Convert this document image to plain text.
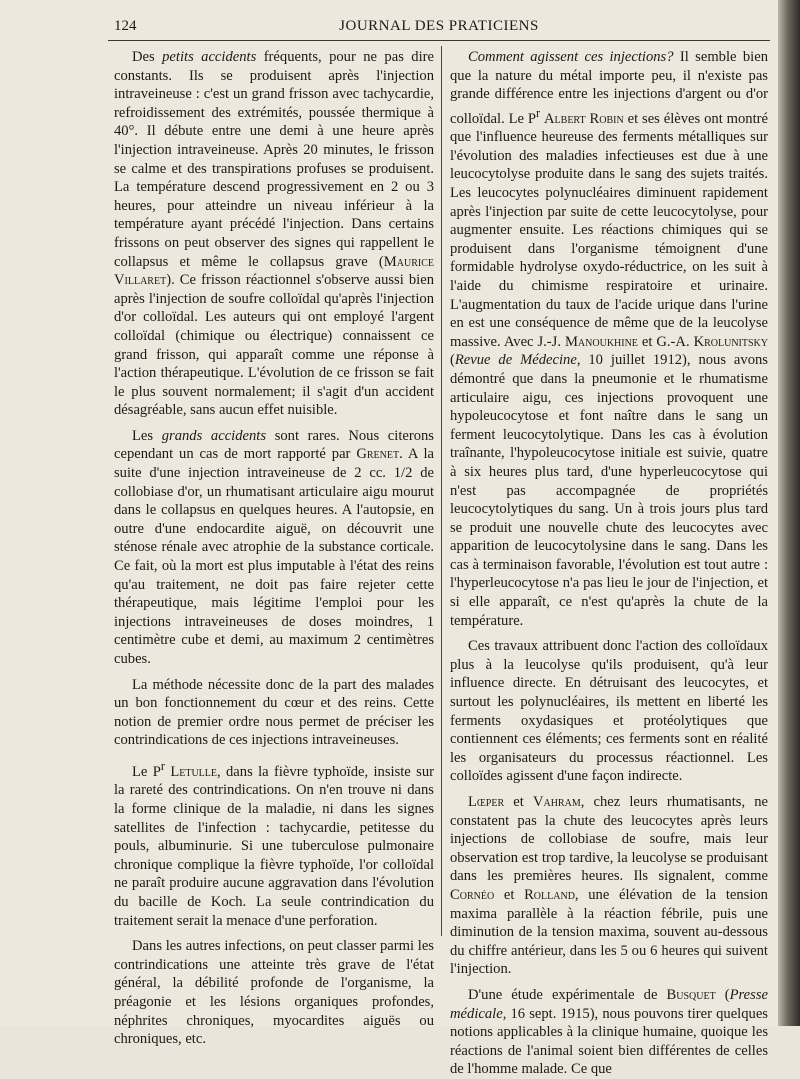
124	JOURNAL DES PRATICIENS

Des petits accidents fréquents, pour ne pas dire constants. Ils se produisent après l'injection intraveineuse : c'est un grand frisson avec tachycardie, refroidissement des extrémités, poussée thermique à 40°. Il débute entre une demi à une heure après l'injection intraveineuse. Après 20 minutes, le frisson se calme et des transpirations profuses se produisent. La température descend progressivement en 2 ou 3 heures, pour atteindre un niveau inférieur à la température ayant précédé l'injection. Dans certains frissons on peut observer des signes qui rappellent le collapsus et même le collapsus grave (Maurice Villaret). Ce frisson réactionnel s'observe aussi bien après l'injection de soufre colloïdal qu'après l'injection d'or colloïdal. Les auteurs qui ont employé l'argent colloïdal (chimique ou électrique) connaissent ce grand frisson, qui apparaît comme une réponse à l'action thérapeutique. L'évolution de ce frisson se fait le plus souvent normalement; il s'agit d'un accident désagréable, sans aucun effet nuisible.

Les grands accidents sont rares. Nous citerons cependant un cas de mort rapporté par Grenet. A la suite d'une injection intraveineuse de 2 cc. 1/2 de collobiase d'or, un rhumatisant articulaire aigu mourut dans le collapsus en quelques heures. A l'autopsie, en outre d'une endocardite aiguë, on découvrit une sténose rénale avec atrophie de la substance corticale. Ce fait, où la mort est plus imputable à l'état des reins qu'au traitement, ne doit pas faire rejeter cette thérapeutique, mais légitime l'emploi pour les injections intraveineuses de doses moindres, 1 centimètre cube et demi, au maximum 2 centimètres cubes.

La méthode nécessite donc de la part des malades un bon fonctionnement du cœur et des reins. Cette notion de premier ordre nous permet de préciser les contrindications de ces injections intraveineuses.

Le $P^r$ Letulle, dans la fièvre typhoïde, insiste sur la rareté des contrindications. On n'en trouve ni dans la forme clinique de la maladie, ni dans les signes satellites de l'infection : tachycardie, petitesse du pouls, albuminurie. Si une tuberculose pulmonaire chronique complique la fièvre typhoïde, l'or colloïdal ne paraît produire aucune aggravation dans l'évolution du bacille de Koch. La seule contrindication du traitement serait la menace d'une perforation.

Dans les autres infections, on peut classer parmi les contrindications une atteinte très grave de l'état général, la débilité profonde de l'organisme, la préagonie et les lésions organiques profondes, néphrites chroniques, myocardites aiguës ou chroniques, etc.

Comment agissent ces injections? Il semble bien que la nature du métal importe peu, il n'existe pas grande différence entre les injections d'argent ou d'or colloïdal. Le $P^r$ Albert Robin et ses élèves ont montré que l'influence heureuse des ferments métalliques sur l'évolution des maladies infectieuses est due à une leucocytolyse produite dans le sang des sujets traités. Les leucocytes polynucléaires diminuent rapidement après l'injection par suite de cette leucocytolyse, pour augmenter ensuite. Les réactions chimiques qui se produisent dans l'organisme témoignent d'une formidable hydrolyse oxydo-réductrice, on les suit à l'aide du chimisme respiratoire et urinaire. L'augmentation du taux de l'acide urique dans l'urine en est une conséquence de même que de la leucolyse massive. Avec J.-J. Manoukhine et G.-A. Krolunitsky (Revue de Médecine, 10 juillet 1912), nous avons démontré que dans la pneumonie et le rhumatisme articulaire aigu, ces injections provoquent une hypoleucocytose et font naître dans le sang un ferment leucocytolytique. Dans les cas à évolution traînante, l'hypoleucocytose initiale est suivie, quatre à six heures plus tard, d'une hyperleucocytose qui n'est pas accompagnée de propriétés leucocytolytiques du sang. Un à trois jours plus tard se produit une nouvelle chute des leucocytes avec apparition de leucocytolysine dans le sang. Dans les cas à terminaison favorable, l'évolution est tout autre : l'hyperleucocytose n'a pas lieu le jour de l'injection, et si elle apparaît, ce n'est qu'après la chute de la température.

Ces travaux attribuent donc l'action des colloïdaux plus à la leucolyse qu'ils produisent, qu'à leur influence directe. En détruisant des leucocytes, et surtout les polynucléaires, ils mettent en liberté les ferments oxydasiques et protéolytiques que contiennent ces éléments; ces ferments sont en réalité les organisateurs du processus réactionnel. Les colloïdes agissent d'une façon indirecte.

Lœper et Vahram, chez leurs rhumatisants, ne constatent pas la chute des leucocytes après leurs injections de collobiase de soufre, mais leur observation est trop tardive, la leucolyse se produisant dans les premières heures. Ils signalent, comme Cornéo et Rolland, une élévation de la tension maxima parallèle à la réaction fébrile, puis une diminution de la tension maxima, souvent au-dessous du chiffre antérieur, dans les 5 ou 6 heures qui suivent l'injection.

D'une étude expérimentale de Busquet (Presse médicale, 16 sept. 1915), nous pouvons tirer quelques notions applicables à la clinique humaine, quoique les réactions de l'animal soient bien différentes de celles de l'homme malade. Ce que
